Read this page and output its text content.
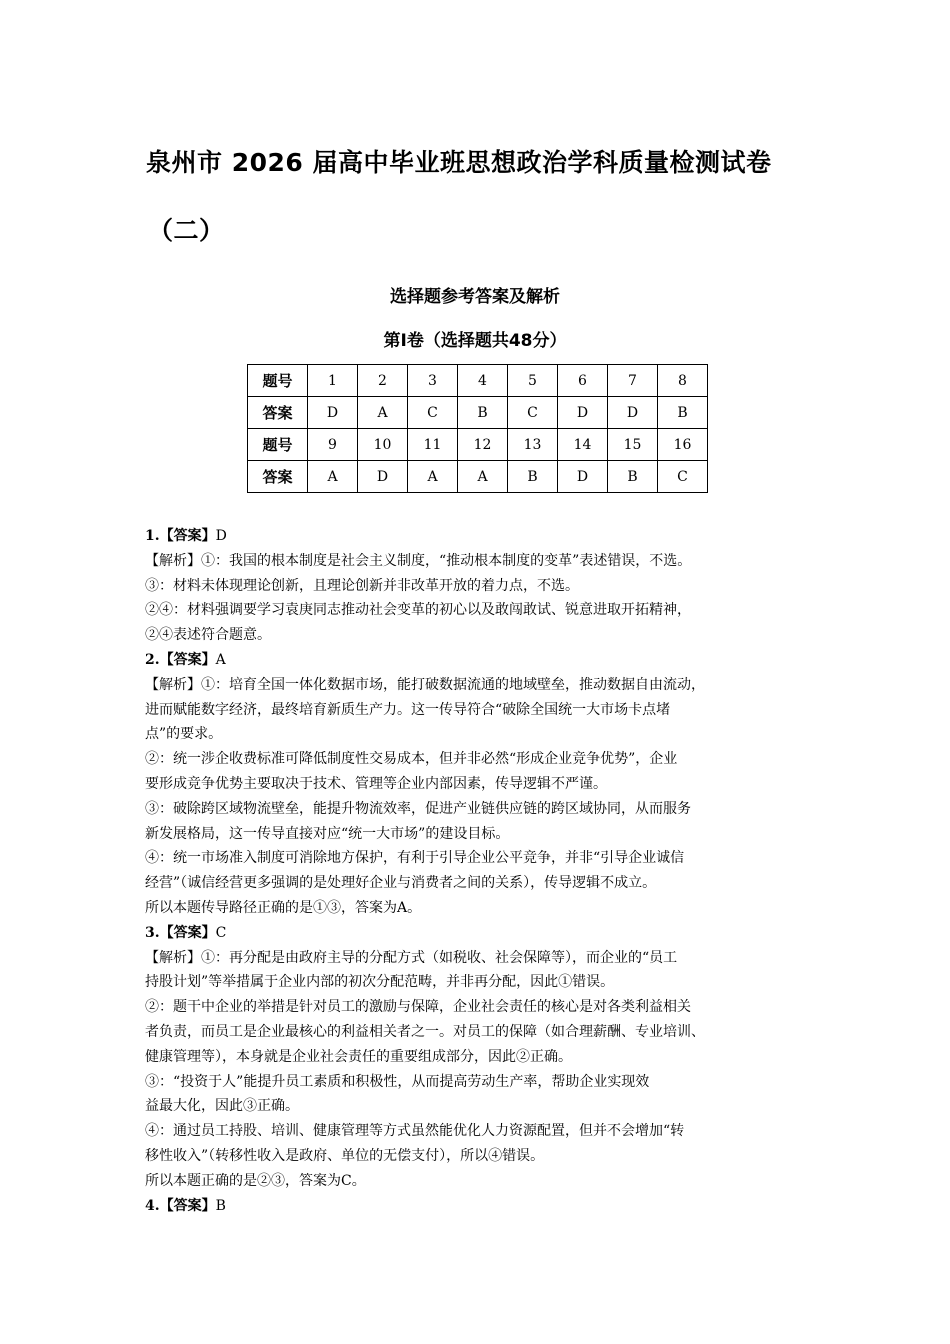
泉州市 2026 届高中毕业班思想政治学科质量检测试卷
（二）
选择题参考答案及解析
第Ⅰ卷（选择题共48分）
题号	1	2	3	4	5	6	7	8
答案	D	A	C	B	C	D	D	B
题号	9	10	11	12	13	14	15	16
答案	A	D	A	A	B	D	B	C

1.【答案】D

【解析】①：我国的根本制度是社会主义制度，“推动根本制度的变革”表述错误，不选。

③：材料未体现理论创新，且理论创新并非改革开放的着力点，不选。

②④：材料强调要学习袁庚同志推动社会变革的初心以及敢闯敢试、锐意进取开拓精神，

②④表述符合题意。

2.【答案】A

【解析】①：培育全国一体化数据市场，能打破数据流通的地域壁垒，推动数据自由流动，

进而赋能数字经济，最终培育新质生产力。这一传导符合“破除全国统一大市场卡点堵

点”的要求。

②：统一涉企收费标准可降低制度性交易成本，但并非必然“形成企业竞争优势”，企业

要形成竞争优势主要取决于技术、管理等企业内部因素，传导逻辑不严谨。

③：破除跨区域物流壁垒，能提升物流效率，促进产业链供应链的跨区域协同，从而服务

新发展格局，这一传导直接对应“统一大市场”的建设目标。

④：统一市场准入制度可消除地方保护，有利于引导企业公平竞争，并非“引导企业诚信

经营”（诚信经营更多强调的是处理好企业与消费者之间的关系），传导逻辑不成立。

所以本题传导路径正确的是①③，答案为A。

3.【答案】C

【解析】①：再分配是由政府主导的分配方式（如税收、社会保障等），而企业的“员工

持股计划”等举措属于企业内部的初次分配范畴，并非再分配，因此①错误。

②：题干中企业的举措是针对员工的激励与保障，企业社会责任的核心是对各类利益相关

者负责，而员工是企业最核心的利益相关者之一。对员工的保障（如合理薪酬、专业培训、

健康管理等），本身就是企业社会责任的重要组成部分，因此②正确。

③：“投资于人”能提升员工素质和积极性，从而提高劳动生产率，帮助企业实现效

益最大化，因此③正确。

④：通过员工持股、培训、健康管理等方式虽然能优化人力资源配置，但并不会增加“转

移性收入”（转移性收入是政府、单位的无偿支付），所以④错误。

所以本题正确的是②③，答案为C。

4.【答案】B
